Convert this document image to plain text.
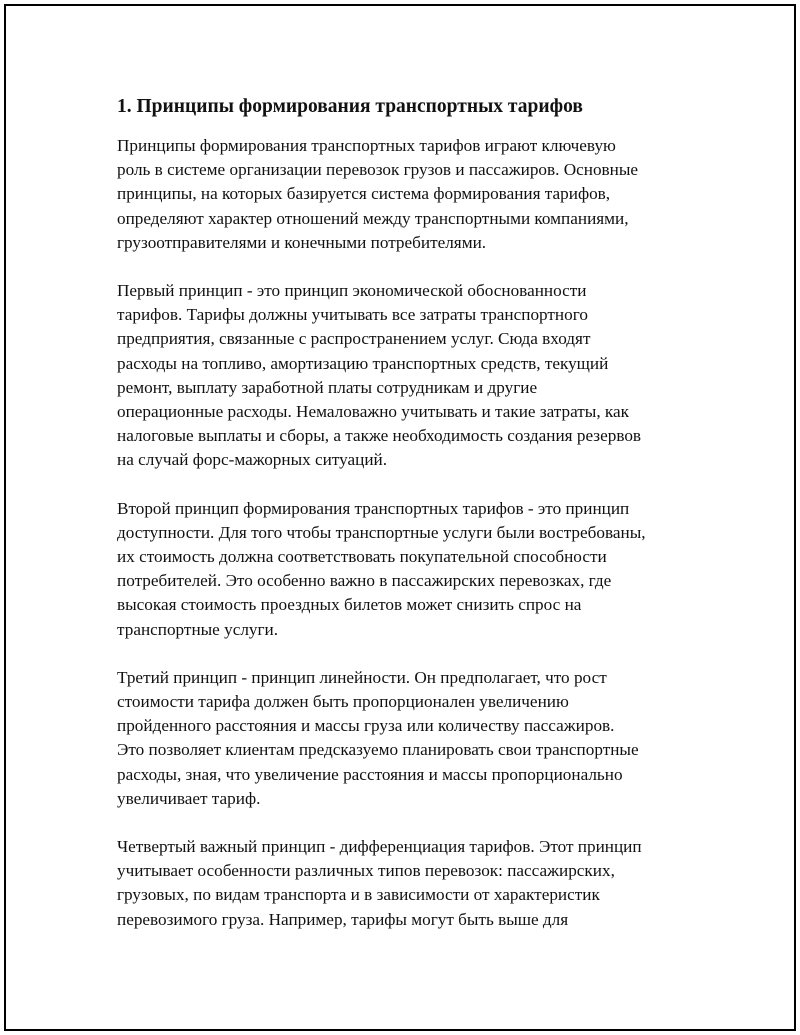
1. Принципы формирования транспортных тарифов

Принципы формирования транспортных тарифов играют ключевую
роль в системе организации перевозок грузов и пассажиров. Основные
принципы, на которых базируется система формирования тарифов,
определяют характер отношений между транспортными компаниями,
грузоотправителями и конечными потребителями.

Первый принцип - это принцип экономической обоснованности
тарифов. Тарифы должны учитывать все затраты транспортного
предприятия, связанные с распространением услуг. Сюда входят
расходы на топливо, амортизацию транспортных средств, текущий
ремонт, выплату заработной платы сотрудникам и другие
операционные расходы. Немаловажно учитывать и такие затраты, как
налоговые выплаты и сборы, а также необходимость создания резервов
на случай форс-мажорных ситуаций.

Второй принцип формирования транспортных тарифов - это принцип
доступности. Для того чтобы транспортные услуги были востребованы,
их стоимость должна соответствовать покупательной способности
потребителей. Это особенно важно в пассажирских перевозках, где
высокая стоимость проездных билетов может снизить спрос на
транспортные услуги.

Третий принцип - принцип линейности. Он предполагает, что рост
стоимости тарифа должен быть пропорционален увеличению
пройденного расстояния и массы груза или количеству пассажиров.
Это позволяет клиентам предсказуемо планировать свои транспортные
расходы, зная, что увеличение расстояния и массы пропорционально
увеличивает тариф.

Четвертый важный принцип - дифференциация тарифов. Этот принцип
учитывает особенности различных типов перевозок: пассажирских,
грузовых, по видам транспорта и в зависимости от характеристик
перевозимого груза. Например, тарифы могут быть выше для
